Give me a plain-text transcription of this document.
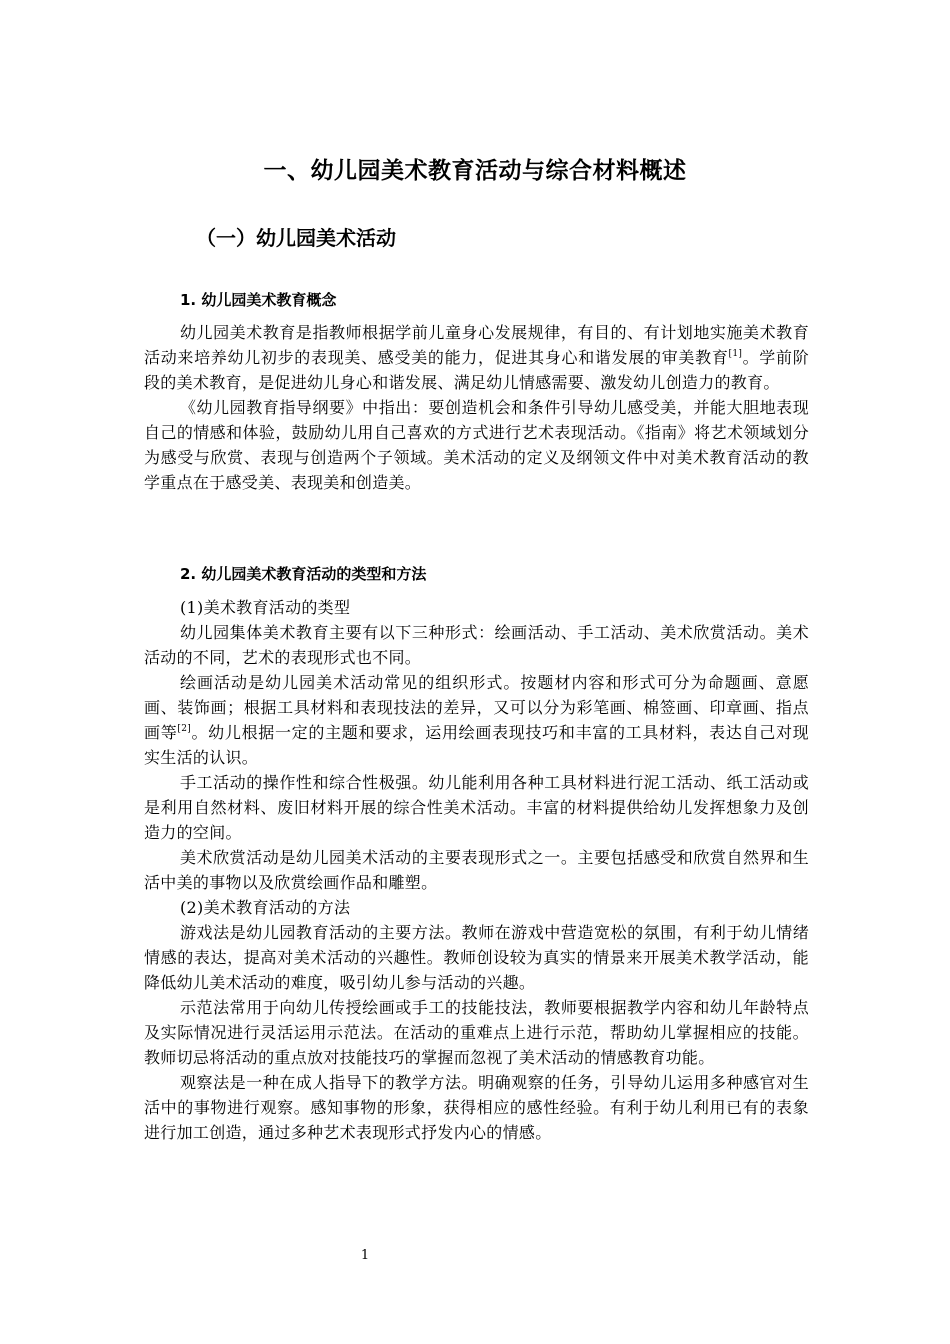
一、幼儿园美术教育活动与综合材料概述
（一）幼儿园美术活动
1. 幼儿园美术教育概念

幼儿园美术教育是指教师根据学前儿童身心发展规律，有目的、有计划地实施美术教育活动来培养幼儿初步的表现美、感受美的能力，促进其身心和谐发展的审美教育[1]。学前阶段的美术教育，是促进幼儿身心和谐发展、满足幼儿情感需要、激发幼儿创造力的教育。

《幼儿园教育指导纲要》中指出：要创造机会和条件引导幼儿感受美，并能大胆地表现自己的情感和体验，鼓励幼儿用自己喜欢的方式进行艺术表现活动。《指南》将艺术领域划分为感受与欣赏、表现与创造两个子领域。美术活动的定义及纲领文件中对美术教育活动的教学重点在于感受美、表现美和创造美。

2. 幼儿园美术教育活动的类型和方法

(1)美术教育活动的类型

幼儿园集体美术教育主要有以下三种形式：绘画活动、手工活动、美术欣赏活动。美术活动的不同，艺术的表现形式也不同。

绘画活动是幼儿园美术活动常见的组织形式。按题材内容和形式可分为命题画、意愿画、装饰画；根据工具材料和表现技法的差异，又可以分为彩笔画、棉签画、印章画、指点画等[2]。幼儿根据一定的主题和要求，运用绘画表现技巧和丰富的工具材料，表达自己对现实生活的认识。

手工活动的操作性和综合性极强。幼儿能利用各种工具材料进行泥工活动、纸工活动或是利用自然材料、废旧材料开展的综合性美术活动。丰富的材料提供给幼儿发挥想象力及创造力的空间。

美术欣赏活动是幼儿园美术活动的主要表现形式之一。主要包括感受和欣赏自然界和生活中美的事物以及欣赏绘画作品和雕塑。

(2)美术教育活动的方法

游戏法是幼儿园教育活动的主要方法。教师在游戏中营造宽松的氛围，有利于幼儿情绪情感的表达，提高对美术活动的兴趣性。教师创设较为真实的情景来开展美术教学活动，能降低幼儿美术活动的难度，吸引幼儿参与活动的兴趣。

示范法常用于向幼儿传授绘画或手工的技能技法，教师要根据教学内容和幼儿年龄特点及实际情况进行灵活运用示范法。在活动的重难点上进行示范，帮助幼儿掌握相应的技能。教师切忌将活动的重点放对技能技巧的掌握而忽视了美术活动的情感教育功能。

观察法是一种在成人指导下的教学方法。明确观察的任务，引导幼儿运用多种感官对生活中的事物进行观察。感知事物的形象，获得相应的感性经验。有利于幼儿利用已有的表象进行加工创造，通过多种艺术表现形式抒发内心的情感。

1
